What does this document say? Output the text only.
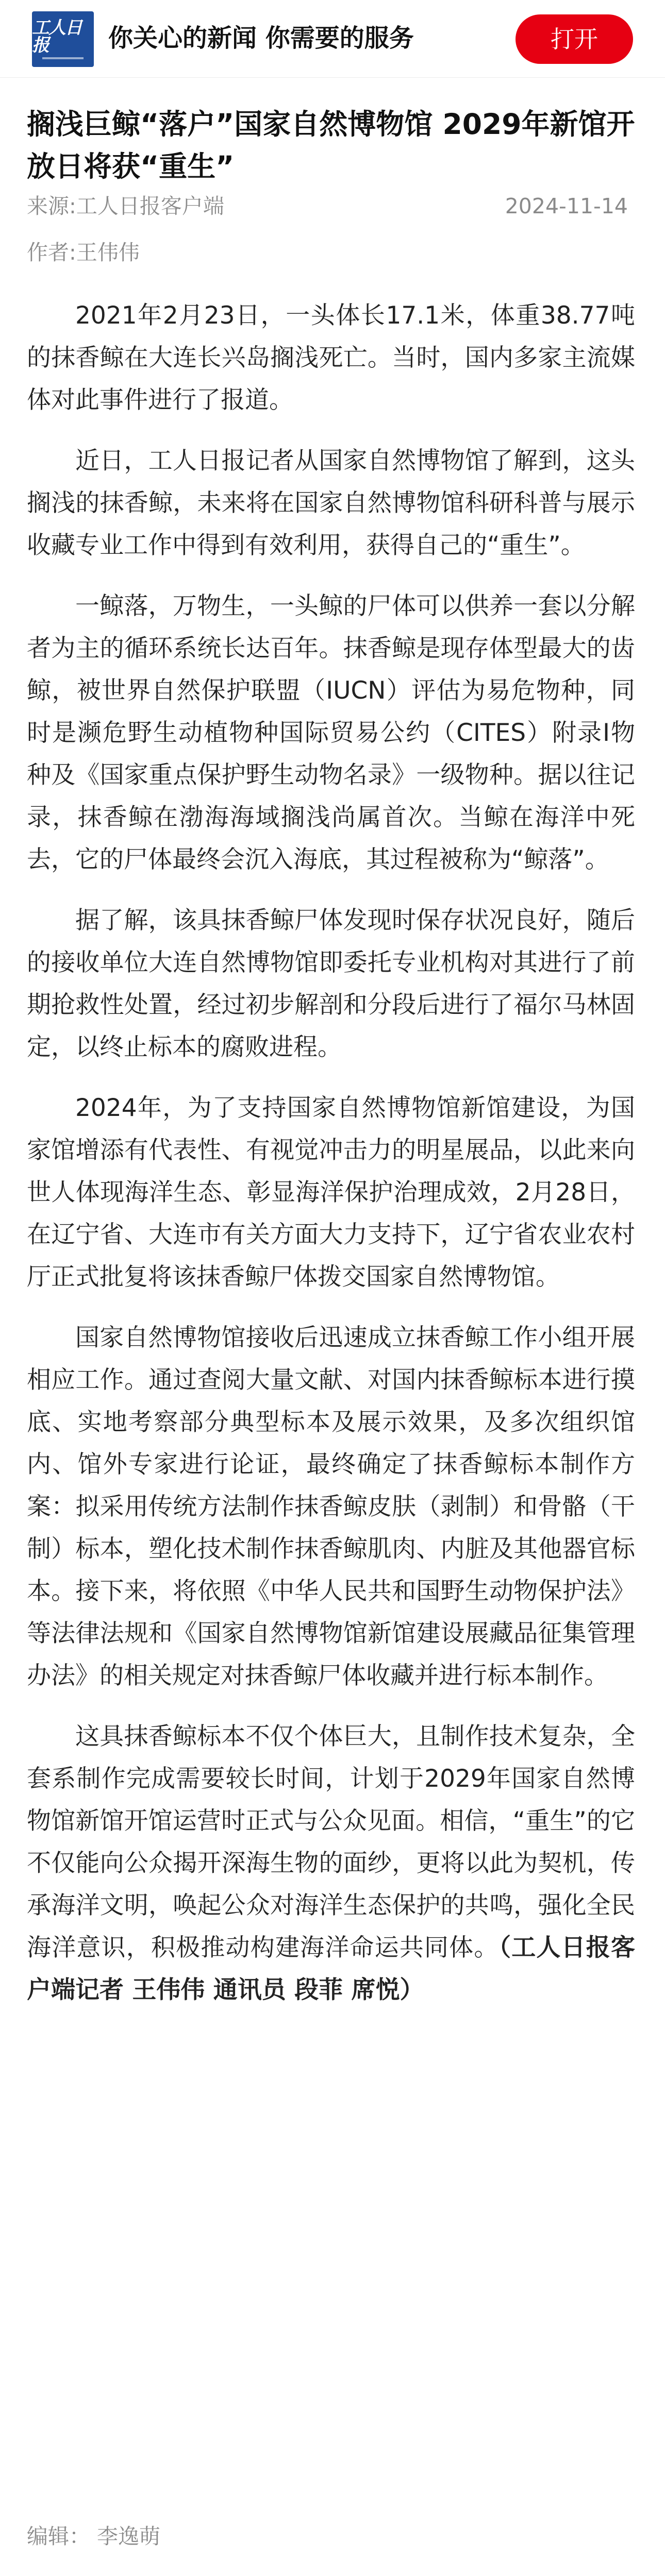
工人日报	你关心的新闻 你需要的服务	打开
搁浅巨鲸“落户”国家自然博物馆 2029年新馆开放日将获“重生”
来源:工人日报客户端	2024-11-14
作者:王伟伟

2021年2月23日，一头体长17.1米，体重38.77吨的抹香鲸在大连长兴岛搁浅死亡。当时，国内多家主流媒体对此事件进行了报道。

近日，工人日报记者从国家自然博物馆了解到，这头搁浅的抹香鲸，未来将在国家自然博物馆科研科普与展示收藏专业工作中得到有效利用，获得自己的“重生”。

一鲸落，万物生，一头鲸的尸体可以供养一套以分解者为主的循环系统长达百年。抹香鲸是现存体型最大的齿鲸，被世界自然保护联盟（IUCN）评估为易危物种，同时是濒危野生动植物种国际贸易公约（CITES）附录Ⅰ物种及《国家重点保护野生动物名录》一级物种。据以往记录，抹香鲸在渤海海域搁浅尚属首次。当鲸在海洋中死去，它的尸体最终会沉入海底，其过程被称为“鲸落”。

据了解，该具抹香鲸尸体发现时保存状况良好，随后的接收单位大连自然博物馆即委托专业机构对其进行了前期抢救性处置，经过初步解剖和分段后进行了福尔马林固定，以终止标本的腐败进程。

2024年，为了支持国家自然博物馆新馆建设，为国家馆增添有代表性、有视觉冲击力的明星展品，以此来向世人体现海洋生态、彰显海洋保护治理成效，2月28日，在辽宁省、大连市有关方面大力支持下，辽宁省农业农村厅正式批复将该抹香鲸尸体拨交国家自然博物馆。

国家自然博物馆接收后迅速成立抹香鲸工作小组开展相应工作。通过查阅大量文献、对国内抹香鲸标本进行摸底、实地考察部分典型标本及展示效果，及多次组织馆内、馆外专家进行论证，最终确定了抹香鲸标本制作方案：拟采用传统方法制作抹香鲸皮肤（剥制）和骨骼（干制）标本，塑化技术制作抹香鲸肌肉、内脏及其他器官标本。接下来，将依照《中华人民共和国野生动物保护法》等法律法规和《国家自然博物馆新馆建设展藏品征集管理办法》的相关规定对抹香鲸尸体收藏并进行标本制作。

这具抹香鲸标本不仅个体巨大，且制作技术复杂，全套系制作完成需要较长时间，计划于2029年国家自然博物馆新馆开馆运营时正式与公众见面。相信，“重生”的它不仅能向公众揭开深海生物的面纱，更将以此为契机，传承海洋文明，唤起公众对海洋生态保护的共鸣，强化全民海洋意识，积极推动构建海洋命运共同体。（工人日报客户端记者 王伟伟 通讯员 段菲 席悦）

编辑： 李逸萌
